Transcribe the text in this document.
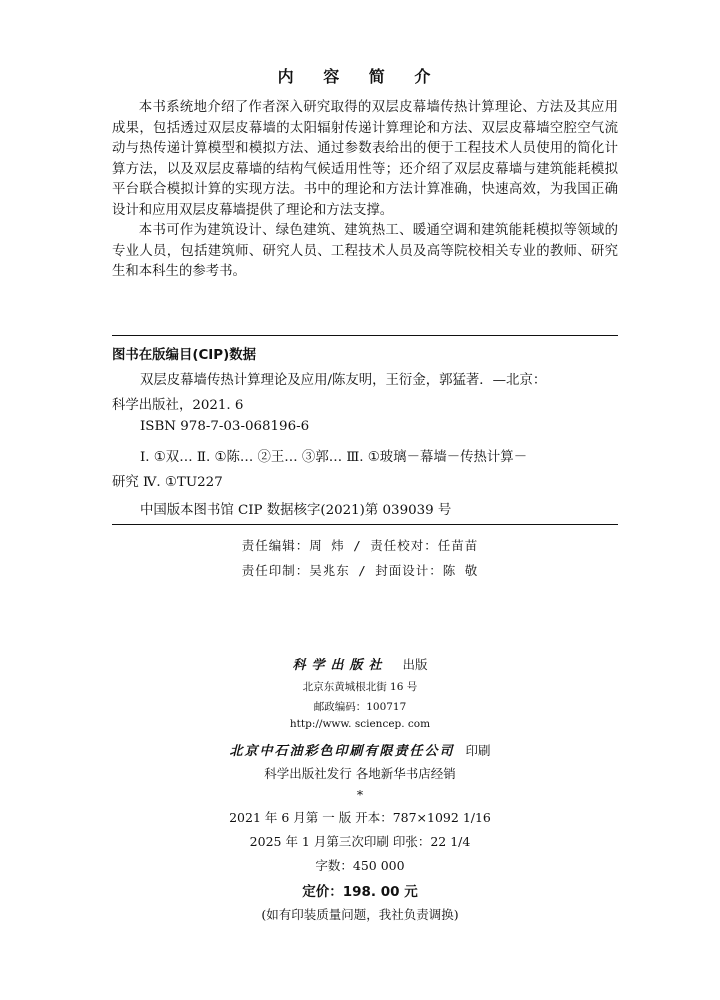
内 容 简 介

本书系统地介绍了作者深入研究取得的双层皮幕墙传热计算理论、方法及其应用成果，包括透过双层皮幕墙的太阳辐射传递计算理论和方法、双层皮幕墙空腔空气流动与热传递计算模型和模拟方法、通过参数表给出的便于工程技术人员使用的简化计算方法，以及双层皮幕墙的结构气候适用性等；还介绍了双层皮幕墙与建筑能耗模拟平台联合模拟计算的实现方法。书中的理论和方法计算准确，快速高效，为我国正确设计和应用双层皮幕墙提供了理论和方法支撑。

本书可作为建筑设计、绿色建筑、建筑热工、暖通空调和建筑能耗模拟等领域的专业人员，包括建筑师、研究人员、工程技术人员及高等院校相关专业的教师、研究生和本科生的参考书。

图书在版编目(CIP)数据
双层皮幕墙传热计算理论及应用/陈友明，王衍金，郭猛著．—北京：
科学出版社，2021. 6
ISBN 978-7-03-068196-6
Ⅰ. ①双… Ⅱ. ①陈… ②王… ③郭… Ⅲ. ①玻璃－幕墙－传热计算－
研究 Ⅳ. ①TU227
中国版本图书馆 CIP 数据核字(2021)第 039039 号
责任编辑：周 炜 / 责任校对：任苗苗
责任印制：吴兆东 / 封面设计：陈 敬
科学出版社 出版
北京东黄城根北街 16 号
邮政编码：100717
http://www. sciencep. com
北京中石油彩色印刷有限责任公司 印刷
科学出版社发行 各地新华书店经销
*
2021 年 6 月第 一 版 开本：787×1092 1/16
2025 年 1 月第三次印刷 印张：22 1/4
字数：450 000
定价：198. 00 元
(如有印装质量问题，我社负责调换)
